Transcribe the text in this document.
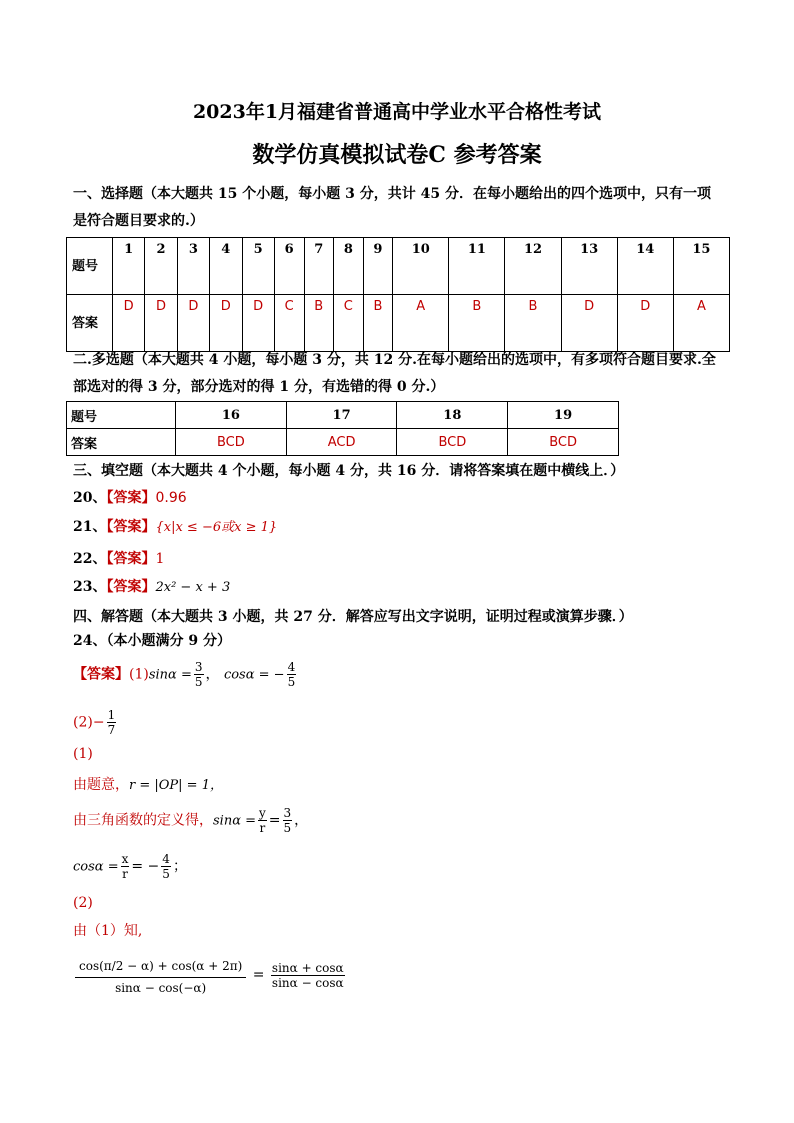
2023年1月福建省普通高中学业水平合格性考试
数学仿真模拟试卷C 参考答案
一、选择题（本大题共 15 个小题，每小题 3 分，共计 45 分．在每小题给出的四个选项中，只有一项是符合题目要求的.）
题号	1	2	3	4	5	6	7	8	9	10	11	12	13	14	15
答案	D	D	D	D	D	C	B	C	B	A	B	B	D	D	A
二.多选题（本大题共 4 小题，每小题 3 分，共 12 分.在每小题给出的选项中，有多项符合题目要求.全部选对的得 3 分，部分选对的得 1 分，有选错的得 0 分.）
题号	16	17	18	19
答案	BCD	ACD	BCD	BCD
三、填空题（本大题共 4 个小题，每小题 4 分，共 16 分．请将答案填在题中横线上．）
20、【答案】0.96
21、【答案】{x|x ≤ −6或x ≥ 1}
22、【答案】1
23、【答案】2x² − x + 3
四、解答题（本大题共 3 小题，共 27 分．解答应写出文字说明，证明过程或演算步骤．）
24、（本小题满分 9 分）
【答案】$(1)\sin\alpha = \frac{3}{5}$ ， cosα = − $\frac{4}{5}$
$(2)- \frac{1}{7}$
(1)
由题意，r = |OP| = 1，
由三角函数的定义得，$\sin\alpha = \frac{y}{r} = \frac{3}{5}$ ，
$\cos\alpha = \frac{x}{r}$ = − $\frac{4}{5}$ ；
(2)
由（1）知,
$\frac{\cos(\pi/2 - \alpha) + \cos(\alpha + 2\pi)}{\sin\alpha - \cos(-\alpha)} = \frac{\sin\alpha + \cos\alpha}{\sin\alpha - \cos\alpha}$
